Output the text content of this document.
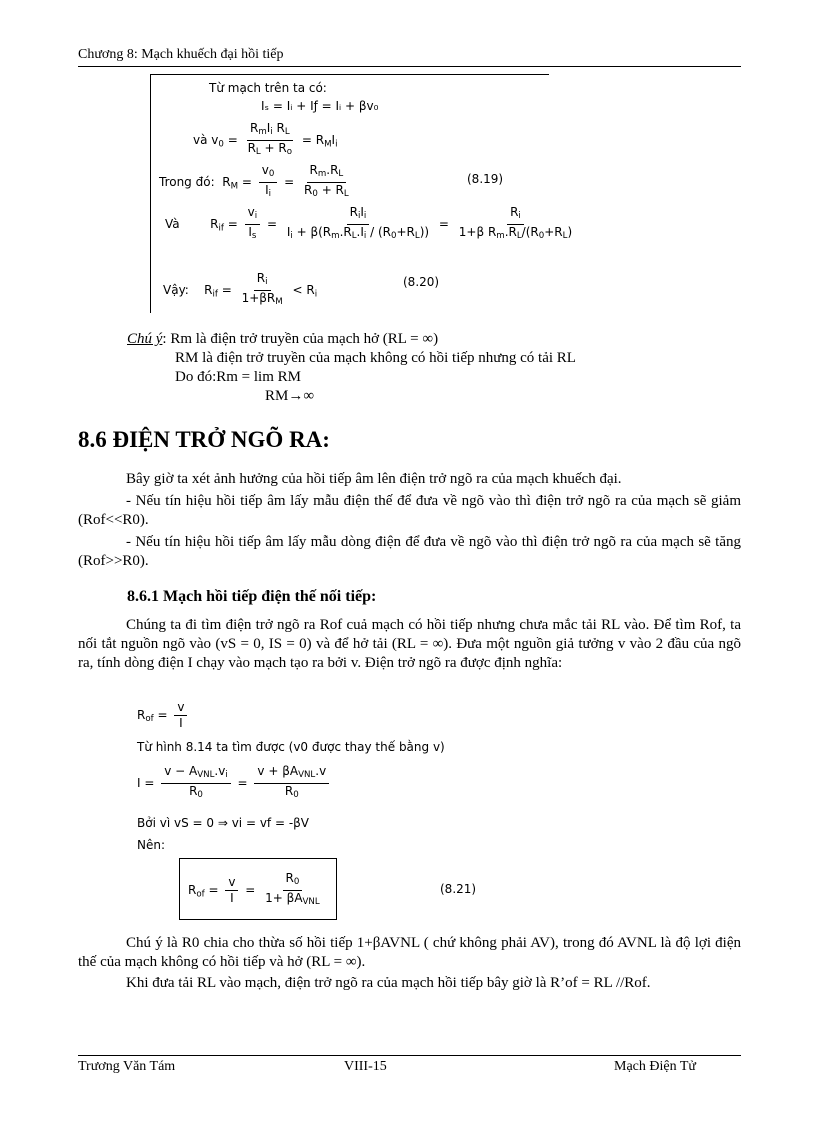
Chương 8: Mạch khuếch đại hồi tiếp
Từ mạch trên ta có:
Iₛ = Iᵢ + Iƒ = Iᵢ + βv₀
và $v_0 = \frac{R_mI_i R_L}{R_L + R_o} = R_MI_i$
Trong đó:  $R_M = \frac{v_0}{I_i} = \frac{R_m.R_L}{R_0 + R_L}$	(8.19)
Và        $R_{if} = \frac{v_i}{I_s} = \frac{R_iI_i}{I_i + \beta(R_m.R_L.I_i / (R_0+R_L))} = \frac{R_i}{1+\beta R_m.R_L/(R_0+R_L)}$
Vậy:    $R_{if} = \frac{R_i}{1+\beta R_M} < R_i$
(8.20)
Chú ý: Rm là điện trở truyền của mạch hở (RL = ∞)
RM là điện trở truyền của mạch không có hồi tiếp nhưng có tải RL
Do đó:Rm = lim RM
RM→∞
8.6 ĐIỆN TRỞ NGÕ RA:
Bây giờ ta xét ảnh hưởng của hồi tiếp âm lên điện trở ngõ ra của mạch khuếch đại.
- Nếu tín hiệu hồi tiếp âm lấy mẫu điện thế để đưa về ngõ vào thì điện trở ngõ ra của mạch sẽ giảm (Rof<<R0).
- Nếu tín hiệu hồi tiếp âm lấy mẫu dòng điện để đưa về ngõ vào thì điện trở ngõ ra của mạch sẽ tăng (Rof>>R0).
8.6.1 Mạch hồi tiếp điện thế nối tiếp:
Chúng ta đi tìm điện trở ngõ ra Rof cuả mạch có hồi tiếp nhưng chưa mắc tải RL vào. Để tìm Rof, ta nối tắt nguồn ngõ vào (vS = 0, IS = 0) và để hở tải (RL = ∞). Đưa một nguồn giả tưởng v vào 2 đầu của ngõ ra, tính dòng điện I chạy vào mạch tạo ra bởi v. Điện trở ngõ ra được định nghĩa:
$R_{of} = \frac{v}{I}$
Từ hình 8.14 ta tìm được (v0 được thay thế bằng v)
$I = \frac{v - A_{VNL}.v_i}{R_0} = \frac{v + \beta A_{VNL}.v}{R_0}$
Bởi vì vS = 0 ⇒ vi = vf = -βV
Nên:
$R_{of} = \frac{v}{I} = \frac{R_0}{1+ \beta A_{VNL}}$	(8.21)
Chú ý là R0 chia cho thừa số hồi tiếp 1+βAVNL ( chứ không phải AV), trong đó AVNL là độ lợi điện thế của mạch không có hồi tiếp và hở (RL = ∞).
Khi đưa tải RL vào mạch, điện trở ngõ ra của mạch hồi tiếp bây giờ là R’of = RL //Rof.
Trương Văn Tám	VIII-15	Mạch Điện Tử
